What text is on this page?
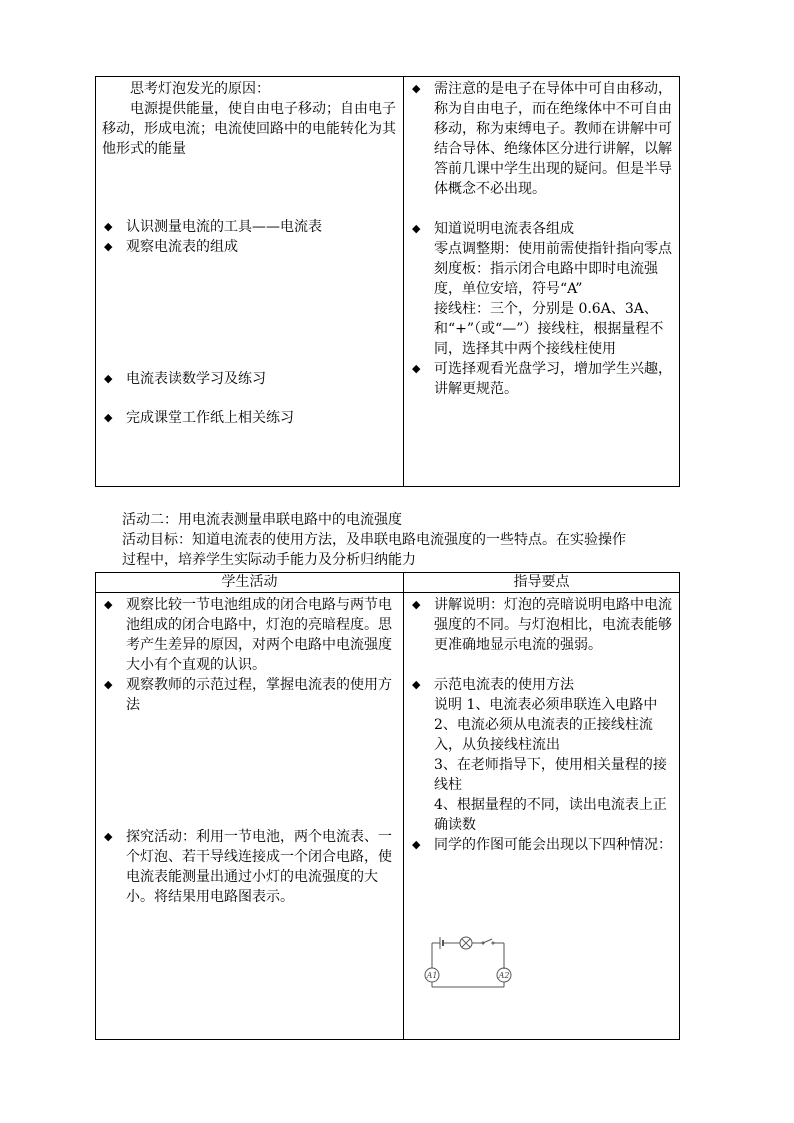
思考灯泡发光的原因：

电源提供能量，使自由电子移动；自由电子移动，形成电流；电流使回路中的电能转化为其他形式的能量

◆ 认识测量电流的工具——电流表
◆ 观察电流表的组成
◆ 电流表读数学习及练习
◆ 完成课堂工作纸上相关练习
◆ 需注意的是电子在导体中可自由移动，称为自由电子，而在绝缘体中不可自由移动，称为束缚电子。教师在讲解中可结合导体、绝缘体区分进行讲解，以解答前几课中学生出现的疑问。但是半导体概念不必出现。
◆ 知道说明电流表各组成

零点调整期：使用前需使指针指向零点

刻度板：指示闭合电路中即时电流强度，单位安培，符号“A”

接线柱：三个，分别是 0.6A、3A、和“+”（或“—”）接线柱，根据量程不同，选择其中两个接线柱使用

◆ 可选择观看光盘学习，增加学生兴趣，讲解更规范。

活动二：用电流表测量串联电路中的电流强度

活动目标：知道电流表的使用方法，及串联电路电流强度的一些特点。在实验操作

过程中，培养学生实际动手能力及分析归纳能力

学生活动	指导要点
◆ 观察比较一节电池组成的闭合电路与两节电池组成的闭合电路中，灯泡的亮暗程度。思考产生差异的原因，对两个电路中电流强度大小有个直观的认识。
◆ 观察教师的示范过程，掌握电流表的使用方法
◆ 探究活动：利用一节电池，两个电流表、一个灯泡、若干导线连接成一个闭合电路，使电流表能测量出通过小灯的电流强度的大小。将结果用电路图表示。
◆ 讲解说明：灯泡的亮暗说明电路中电流强度的不同。与灯泡相比，电流表能够更准确地显示电流的强弱。
◆ 示范电流表的使用方法

说明 1、电流表必须串联连入电路中

2、电流必须从电流表的正接线柱流入，从负接线柱流出

3、在老师指导下，使用相关量程的接线柱

4、根据量程的不同，读出电流表上正确读数

◆ 同学的作图可能会出现以下四种情况：
A1	A2
